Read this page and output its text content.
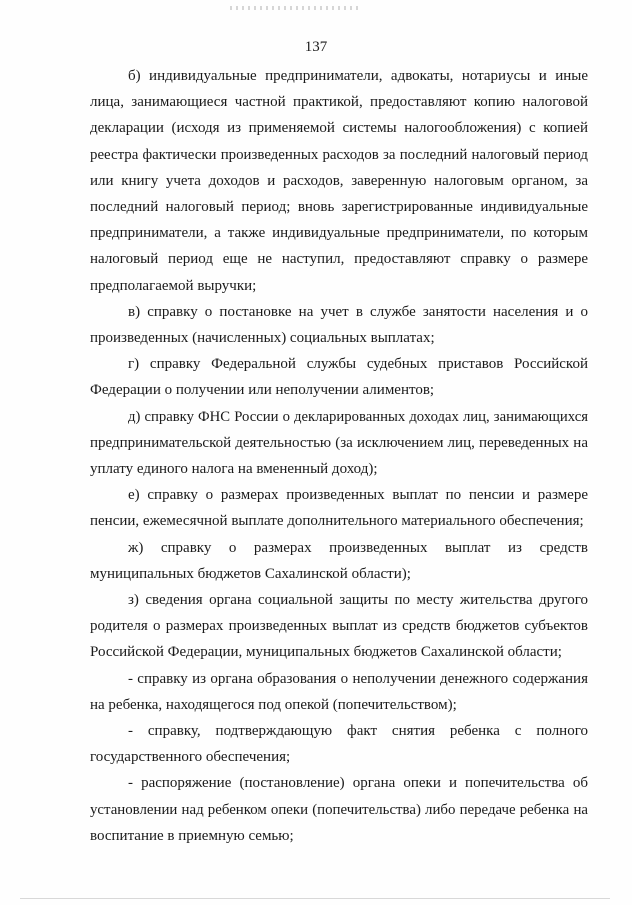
137
б) индивидуальные предприниматели, адвокаты, нотариусы и иные
лица, занимающиеся частной практикой, предоставляют копию налоговой
декларации (исходя из применяемой системы налогообложения) с копией
реестра фактически произведенных расходов за последний налоговый период
или книгу учета доходов и расходов, заверенную налоговым органом, за
последний налоговый период; вновь зарегистрированные индивидуальные
предприниматели, а также индивидуальные предприниматели, по которым
налоговый период еще не наступил, предоставляют справку о размере
предполагаемой выручки;
в) справку о постановке на учет в службе занятости населения и о
произведенных (начисленных) социальных выплатах;
г) справку Федеральной службы судебных приставов Российской
Федерации о получении или неполучении алиментов;
д) справку ФНС России о декларированных доходах лиц, занимающихся
предпринимательской деятельностью (за исключением лиц, переведенных на
уплату единого налога на вмененный доход);
е) справку о размерах произведенных выплат по пенсии и размере
пенсии, ежемесячной выплате дополнительного материального обеспечения;
ж) справку о размерах произведенных выплат из средств
муниципальных бюджетов Сахалинской области);
з) сведения органа социальной защиты по месту жительства другого
родителя о размерах произведенных выплат из средств бюджетов субъектов
Российской Федерации, муниципальных бюджетов Сахалинской области;
- справку из органа образования о неполучении денежного содержания
на ребенка, находящегося под опекой (попечительством);
- справку, подтверждающую факт снятия ребенка с полного
государственного обеспечения;
- распоряжение (постановление) органа опеки и попечительства об
установлении над ребенком опеки (попечительства) либо передаче ребенка на
воспитание в приемную семью;
